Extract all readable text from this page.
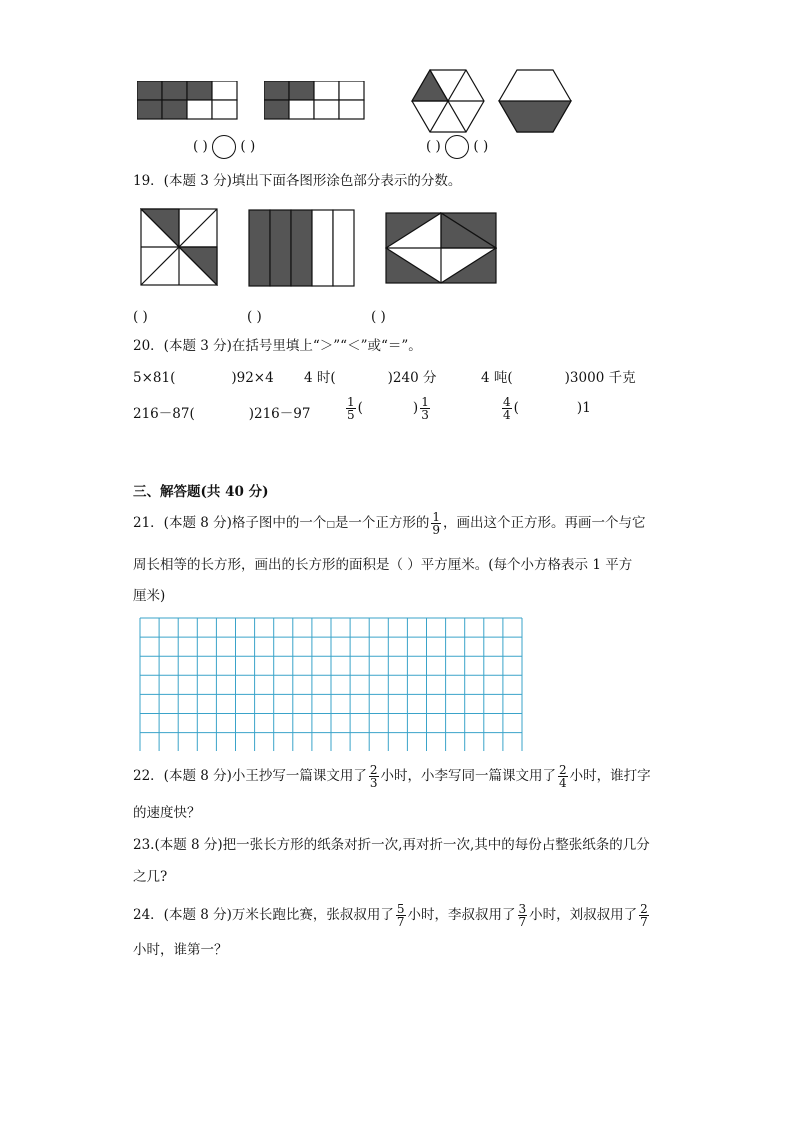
( ) ( )	( ) ( )
19．(本题 3 分)填出下面各图形涂色部分表示的分数。
( )	( )	( )
20．(本题 3 分)在括号里填上“＞”“＜”或“＝”。
5×81(	)92×4 4 时(	)240 分	4 吨(	)3000 千克
216－87(	)216－97	$\frac{1}{5}$ (	) $\frac{1}{3}$	$\frac{4}{4}$ (	)1
三、解答题(共 40 分)
21．(本题 8 分)格子图中的一个□是一个正方形的 $\frac{1}{9}$ ，画出这个正方形。再画一个与它
周长相等的长方形，画出的长方形的面积是（ ）平方厘米。(每个小方格表示 1 平方
厘米)
22．(本题 8 分)小王抄写一篇课文用了 $\frac{2}{3}$ 小时，小李写同一篇课文用了 $\frac{2}{4}$ 小时，谁打字
的速度快？
23.(本题 8 分)把一张长方形的纸条对折一次,再对折一次,其中的每份占整张纸条的几分
之几?
24．(本题 8 分)万米长跑比赛，张叔叔用了 $\frac{5}{7}$ 小时，李叔叔用了 $\frac{3}{7}$ 小时，刘叔叔用了 $\frac{2}{7}$
小时，谁第一？
